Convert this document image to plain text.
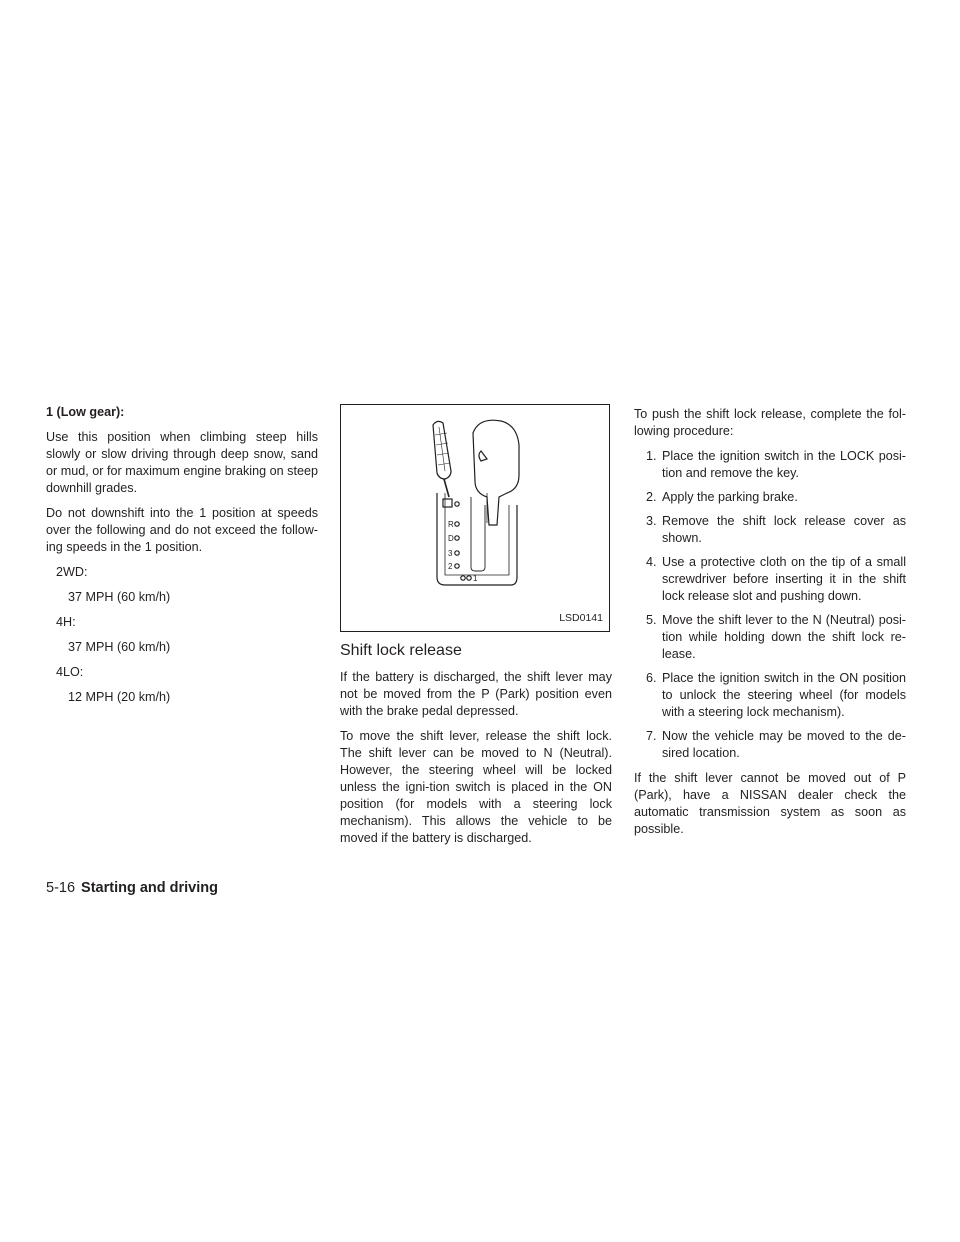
1 (Low gear):

Use this position when climbing steep hills slowly or slow driving through deep snow, sand or mud, or for maximum engine braking on steep downhill grades.

Do not downshift into the 1 position at speeds over the following and do not exceed the follow-ing speeds in the 1 position.

2WD:

37 MPH (60 km/h)

4H:

37 MPH (60 km/h)

4LO:

12 MPH (20 km/h)

R
D
3
2
1
LSD0141
Shift lock release

If the battery is discharged, the shift lever may not be moved from the P (Park) position even with the brake pedal depressed.

To move the shift lever, release the shift lock. The shift lever can be moved to N (Neutral). However, the steering wheel will be locked unless the igni-tion switch is placed in the ON position (for models with a steering lock mechanism). This allows the vehicle to be moved if the battery is discharged.

To push the shift lock release, complete the fol-lowing procedure:

1. Place the ignition switch in the LOCK posi-tion and remove the key.
2. Apply the parking brake.
3. Remove the shift lock release cover as shown.
4. Use a protective cloth on the tip of a small screwdriver before inserting it in the shift lock release slot and pushing down.
5. Move the shift lever to the N (Neutral) posi-tion while holding down the shift lock re-lease.
6. Place the ignition switch in the ON position to unlock the steering wheel (for models with a steering lock mechanism).
7. Now the vehicle may be moved to the de-sired location.

If the shift lever cannot be moved out of P (Park), have a NISSAN dealer check the automatic transmission system as soon as possible.

5-16 Starting and driving
